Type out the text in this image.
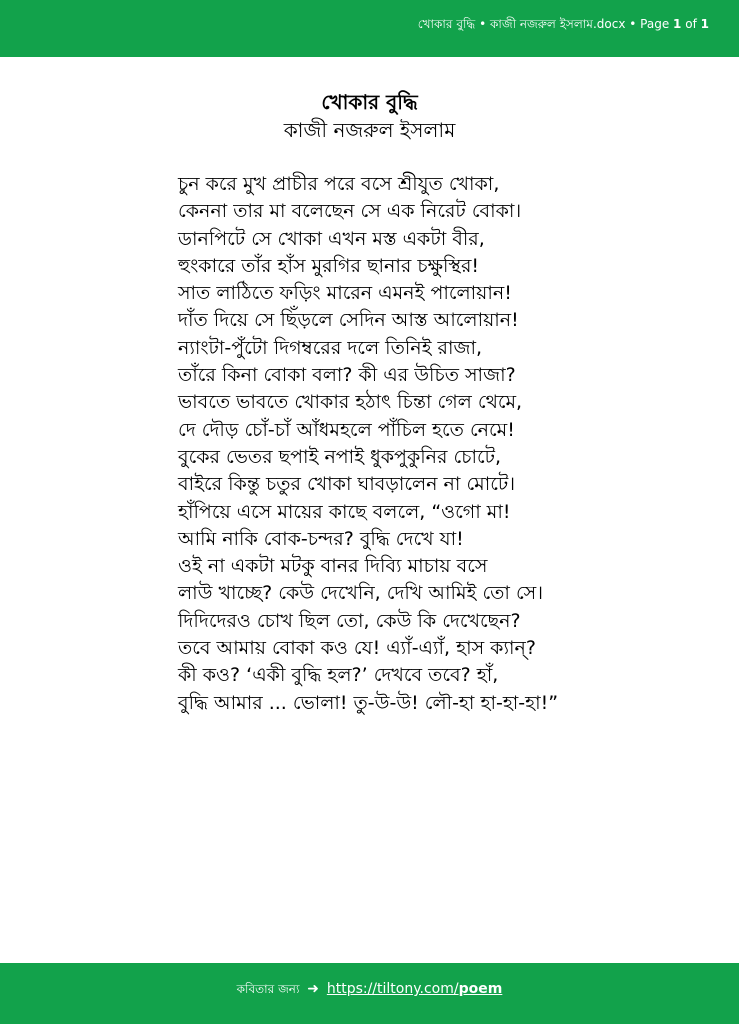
খোকার বুদ্ধি • কাজী নজরুল ইসলাম.docx • Page 1 of 1
খোকার বুদ্ধি
কাজী নজরুল ইসলাম
চুন করে মুখ প্রাচীর পরে বসে শ্রীযুত খোকা,
কেননা তার মা বলেছেন সে এক নিরেট বোকা।
ডানপিটে সে খোকা এখন মস্ত একটা বীর,
হুংকারে তাঁর হাঁস মুরগির ছানার চক্ষুস্থির!
সাত লাঠিতে ফড়িং মারেন এমনই পালোয়ান!
দাঁত দিয়ে সে ছিঁড়লে সেদিন আস্ত আলোয়ান!
ন্যাংটা-পুঁটো দিগম্বরের দলে তিনিই রাজা,
তাঁরে কিনা বোকা বলা? কী এর উচিত সাজা?
ভাবতে ভাবতে খোকার হঠাৎ চিন্তা গেল থেমে,
দে দৌড় চোঁ-চাঁ আঁধমহলে পাঁচিল হতে নেমে!
বুকের ভেতর ছপাই নপাই ধুকপুকুনির চোটে,
বাইরে কিন্তু চতুর খোকা ঘাবড়ালেন না মোটে।
হাঁপিয়ে এসে মায়ের কাছে বললে, “ওগো মা!
আমি নাকি বোক-চন্দর? বুদ্ধি দেখে যা!
ওই না একটা মটকু বানর দিব্যি মাচায় বসে
লাউ খাচ্ছে? কেউ দেখেনি, দেখি আমিই তো সে।
দিদিদেরও চোখ ছিল তো, কেউ কি দেখেছেন?
তবে আমায় বোকা কও যে! এ্যাঁ-এ্যাঁ, হাস ক্যান্?
কী কও? ‘একী বুদ্ধি হল?’ দেখবে তবে? হাঁ,
বুদ্ধি আমার ... ভোলা! তু-উ-উ! লৌ-হা হা-হা-হা!”
কবিতার জন্য ➜ https://tiltony.com/poem
